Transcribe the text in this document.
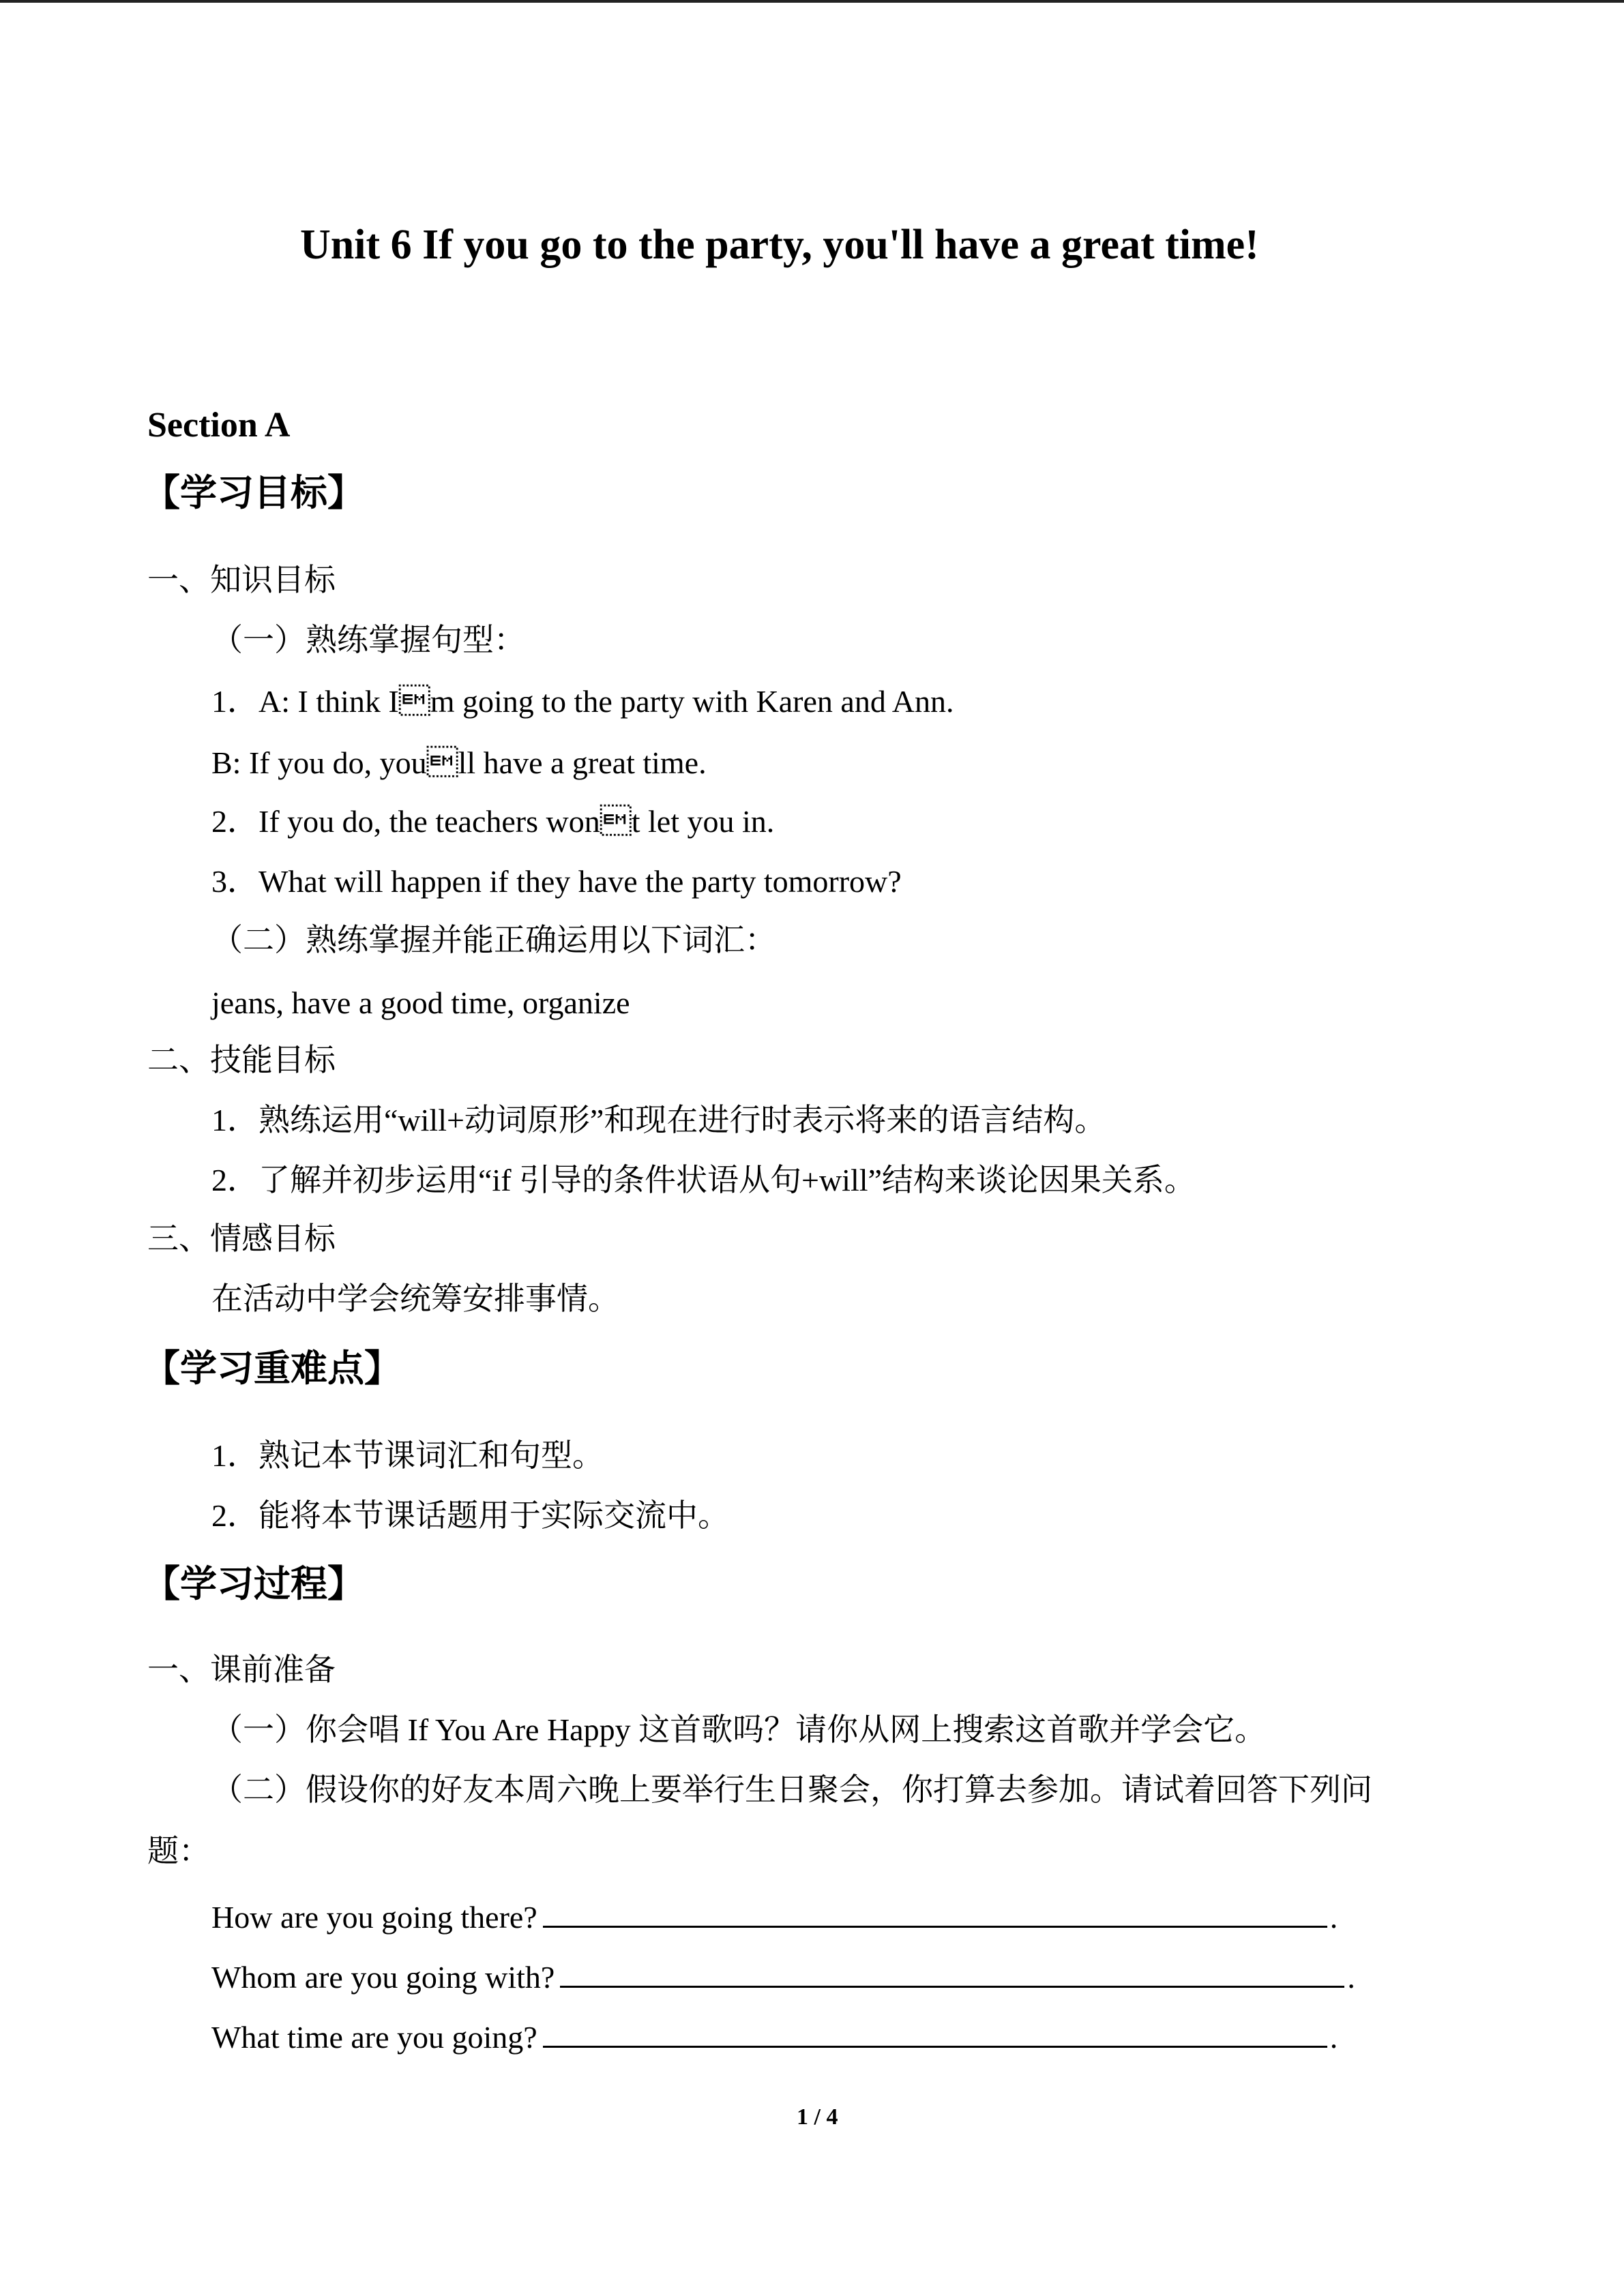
Unit 6 If you go to the party, you'll have a great time!
Section A
【学习目标】
一、知识目标
（一）熟练掌握句型：
1．A: I think Im going to the party with Karen and Ann.
B: If you do, youll have a great time.
2．If you do, the teachers wont let you in.
3．What will happen if they have the party tomorrow?
（二）熟练掌握并能正确运用以下词汇：
jeans, have a good time, organize
二、技能目标
1．熟练运用“will+动词原形”和现在进行时表示将来的语言结构。
2．了解并初步运用“if 引导的条件状语从句+will”结构来谈论因果关系。
三、情感目标
在活动中学会统筹安排事情。
【学习重难点】
1．熟记本节课词汇和句型。
2．能将本节课话题用于实际交流中。
【学习过程】
一、课前准备
（一）你会唱 If You Are Happy 这首歌吗？请你从网上搜索这首歌并学会它。
（二）假设你的好友本周六晚上要举行生日聚会，你打算去参加。请试着回答下列问
题：
How are you going there?	.
Whom are you going with?	.
What time are you going?	.
1 / 4
